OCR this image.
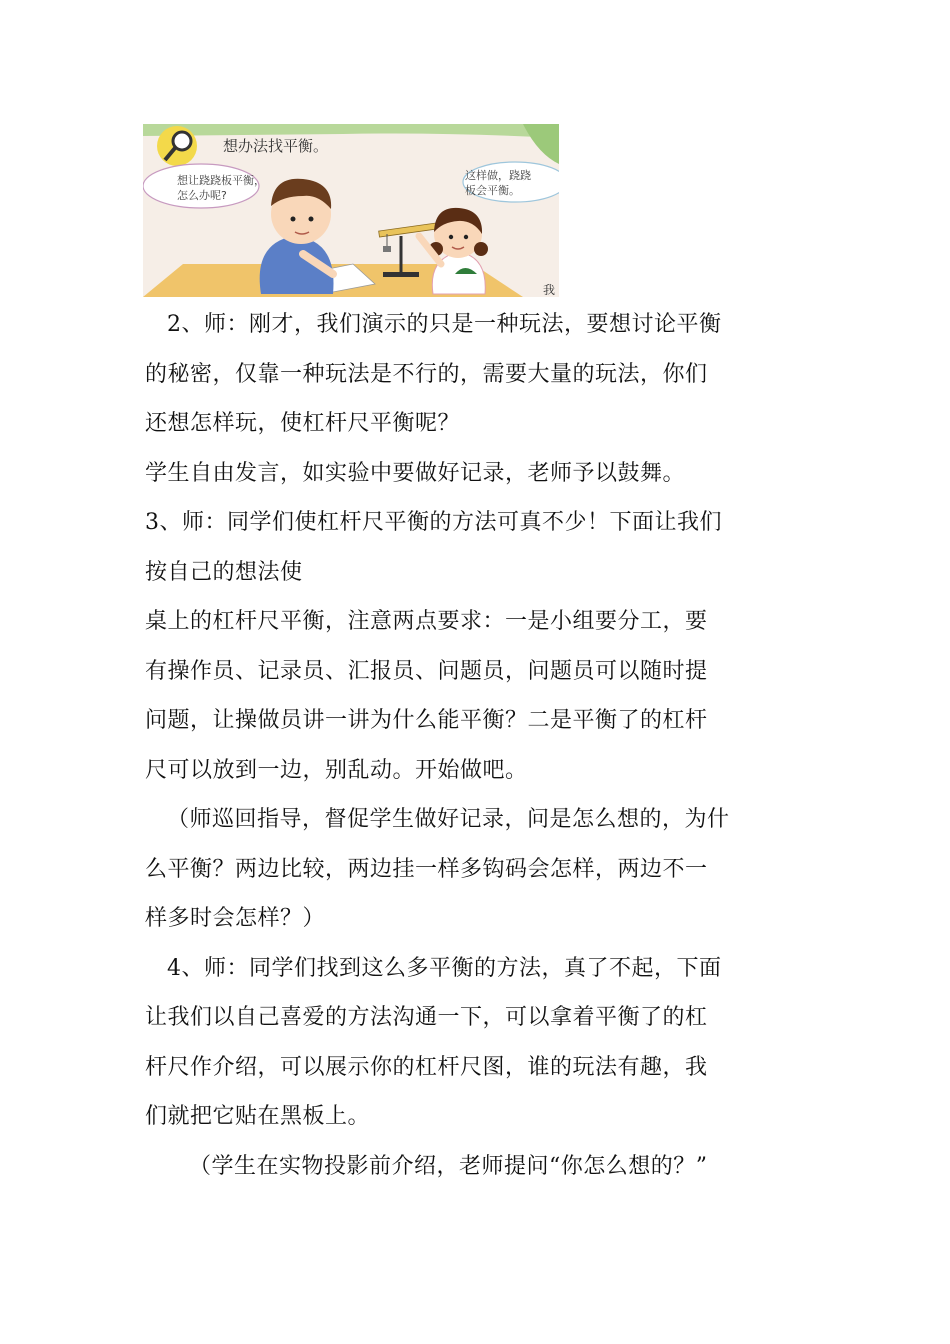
想办法找平衡。
想让跷跷板平衡，
怎么办呢?
这样做，跷跷
板会平衡。
我

2、师：刚才，我们演示的只是一种玩法，要想讨论平衡

的秘密，仅靠一种玩法是不行的，需要大量的玩法，你们

还想怎样玩，使杠杆尺平衡呢？

学生自由发言，如实验中要做好记录，老师予以鼓舞。

3、师：同学们使杠杆尺平衡的方法可真不少！下面让我们

按自己的想法使

桌上的杠杆尺平衡，注意两点要求：一是小组要分工，要

有操作员、记录员、汇报员、问题员，问题员可以随时提

问题，让操做员讲一讲为什么能平衡？二是平衡了的杠杆

尺可以放到一边，别乱动。开始做吧。

（师巡回指导，督促学生做好记录，问是怎么想的，为什

么平衡？两边比较，两边挂一样多钩码会怎样，两边不一

样多时会怎样？）

4、师：同学们找到这么多平衡的方法，真了不起，下面

让我们以自己喜爱的方法沟通一下，可以拿着平衡了的杠

杆尺作介绍，可以展示你的杠杆尺图，谁的玩法有趣，我

们就把它贴在黑板上。

（学生在实物投影前介绍，老师提问“你怎么想的？”
